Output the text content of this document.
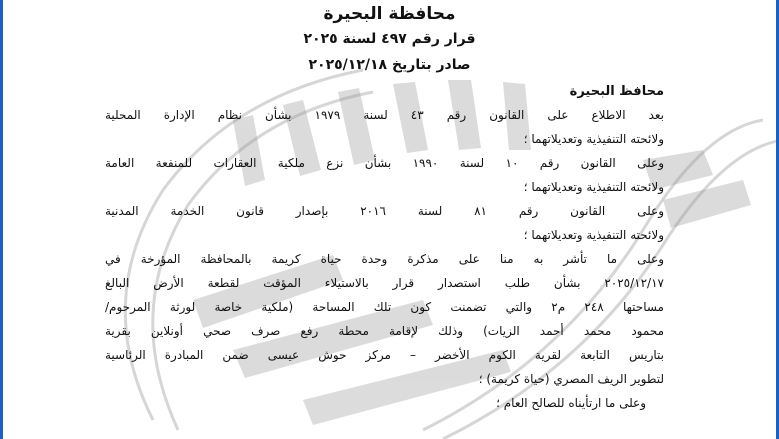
محافظة البحيرة
قرار رقم ٤٩٧ لسنة ٢٠٢٥
صادر بتاريخ ٢٠٢٥/١٢/١٨
محافظ البحيرة
بعد الاطلاع على القانون رقم ٤٣ لسنة ١٩٧٩ بشأن نظام الإدارة المحلية
ولائحته التنفيذية وتعديلاتهما ؛
وعلى القانون رقم ١٠ لسنة ١٩٩٠ بشأن نزع ملكية العقارات للمنفعة العامة
ولائحته التنفيذية وتعديلاتهما ؛
وعلى القانون رقم ٨١ لسنة ٢٠١٦ بإصدار قانون الخدمة المدنية
ولائحته التنفيذية وتعديلاتهما ؛
وعلى ما تأشر به منا على مذكرة وحدة حياة كريمة بالمحافظة المؤرخة في
٢٠٢٥/١٢/١٧ بشأن طلب استصدار قرار بالاستيلاء المؤقت لقطعة الأرض البالغ
مساحتها ٢٤٨ م٢ والتي تضمنت كون تلك المساحة (ملكية خاصة لورثة المرحوم/
محمود محمد أحمد الزيات) وذلك لإقامة محطة رفع صرف صحي أونلاين بقرية
بتاريس التابعة لقرية الكوم الأخضر – مركز حوش عيسى ضمن المبادرة الرئاسية
لتطوير الريف المصري (حياة كريمة) ؛
وعلى ما ارتأيناه للصالح العام ؛
